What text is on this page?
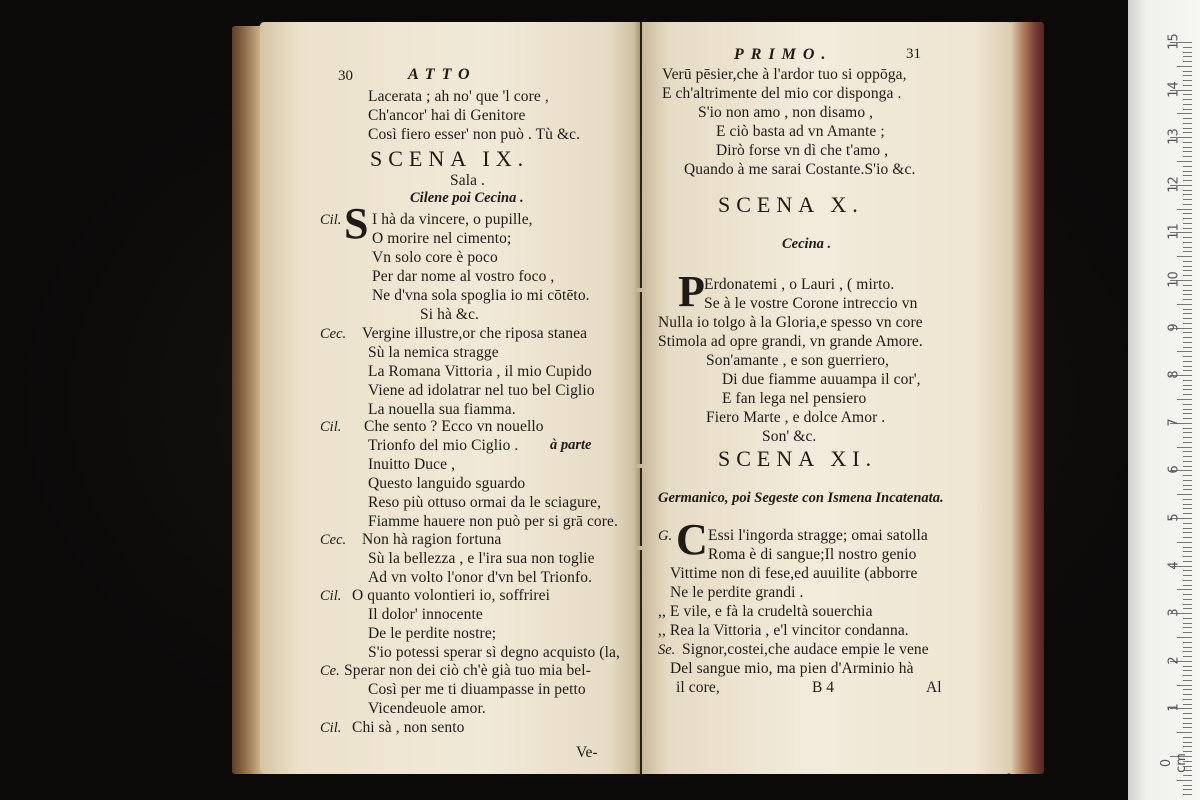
30	ATTO
Lacerata ; ah no' que 'l core ,
Ch'ancor' hai di Genitore
Così fiero esser' non può . Tù &c.
SCENA IX.
Sala .
Cilene poi Cecina .
Cil. S I hà da vincere, o pupille,
O morire nel cimento;
Vn solo core è poco
Per dar nome al vostro foco ,
Ne d'vna sola spoglia io mi cōtēto.
Si hà &c.
Cec. Vergine illustre,or che riposa stanea
Sù la nemica stragge
La Romana Vittoria , il mio Cupido
Viene ad idolatrar nel tuo bel Ciglio
La nouella sua fiamma.
Cil. Che sento ? Ecco vn nouello
Trionfo del mio Ciglio . à parte
Inuitto Duce ,
Questo languido sguardo
Reso più ottuso ormai da le sciagure,
Fiamme hauere non può per si grā core.
Cec. Non hà ragion fortuna
Sù la bellezza , e l'ira sua non toglie
Ad vn volto l'onor d'vn bel Trionfo.
Cil. O quanto volontieri io, soffrirei
Il dolor' innocente
De le perdite nostre;
S'io potessi sperar sì degno acquisto (la,
Ce. Sperar non dei ciò ch'è già tuo mia bel-
Così per me ti diuampasse in petto
Vicendeuole amor.
Cil. Chi sà , non sento
Ve-
PRIMO.	31
Verū pēsier,che à l'ardor tuo si oppōga,
E ch'altrimente del mio cor disponga .
S'io non amo , non disamo ,
E ciò basta ad vn Amante ;
Dirò forse vn dì che t'amo ,
Quando à me sarai Costante.S'io &c.
SCENA X.
Cecina .
P Erdonatemi , o Lauri , ( mirto.
Se à le vostre Corone intreccio vn
Nulla io tolgo à la Gloria,e spesso vn core
Stimola ad opre grandi, vn grande Amore.
Son'amante , e son guerriero,
Di due fiamme auuampa il cor',
E fan lega nel pensiero
Fiero Marte , e dolce Amor .
Son' &c.
SCENA XI.
Germanico, poi Segeste con Ismena Incatenata.
G. C Essi l'ingorda stragge; omai satolla
Roma è di sangue;Il nostro genio
Vittime non di fese,ed auuilite (abborre
Ne le perdite grandi .
,, E vile, e fà la crudeltà souerchia
,, Rea la Vittoria , e'l vincitor condanna.
Se. Signor,costei,che audace empie le vene
Del sangue mio, ma pien d'Arminio hà
il core,	B 4	Al
15
14
13
12
11
10
9
8
7
6
5
4
3
2
1
0 cm
